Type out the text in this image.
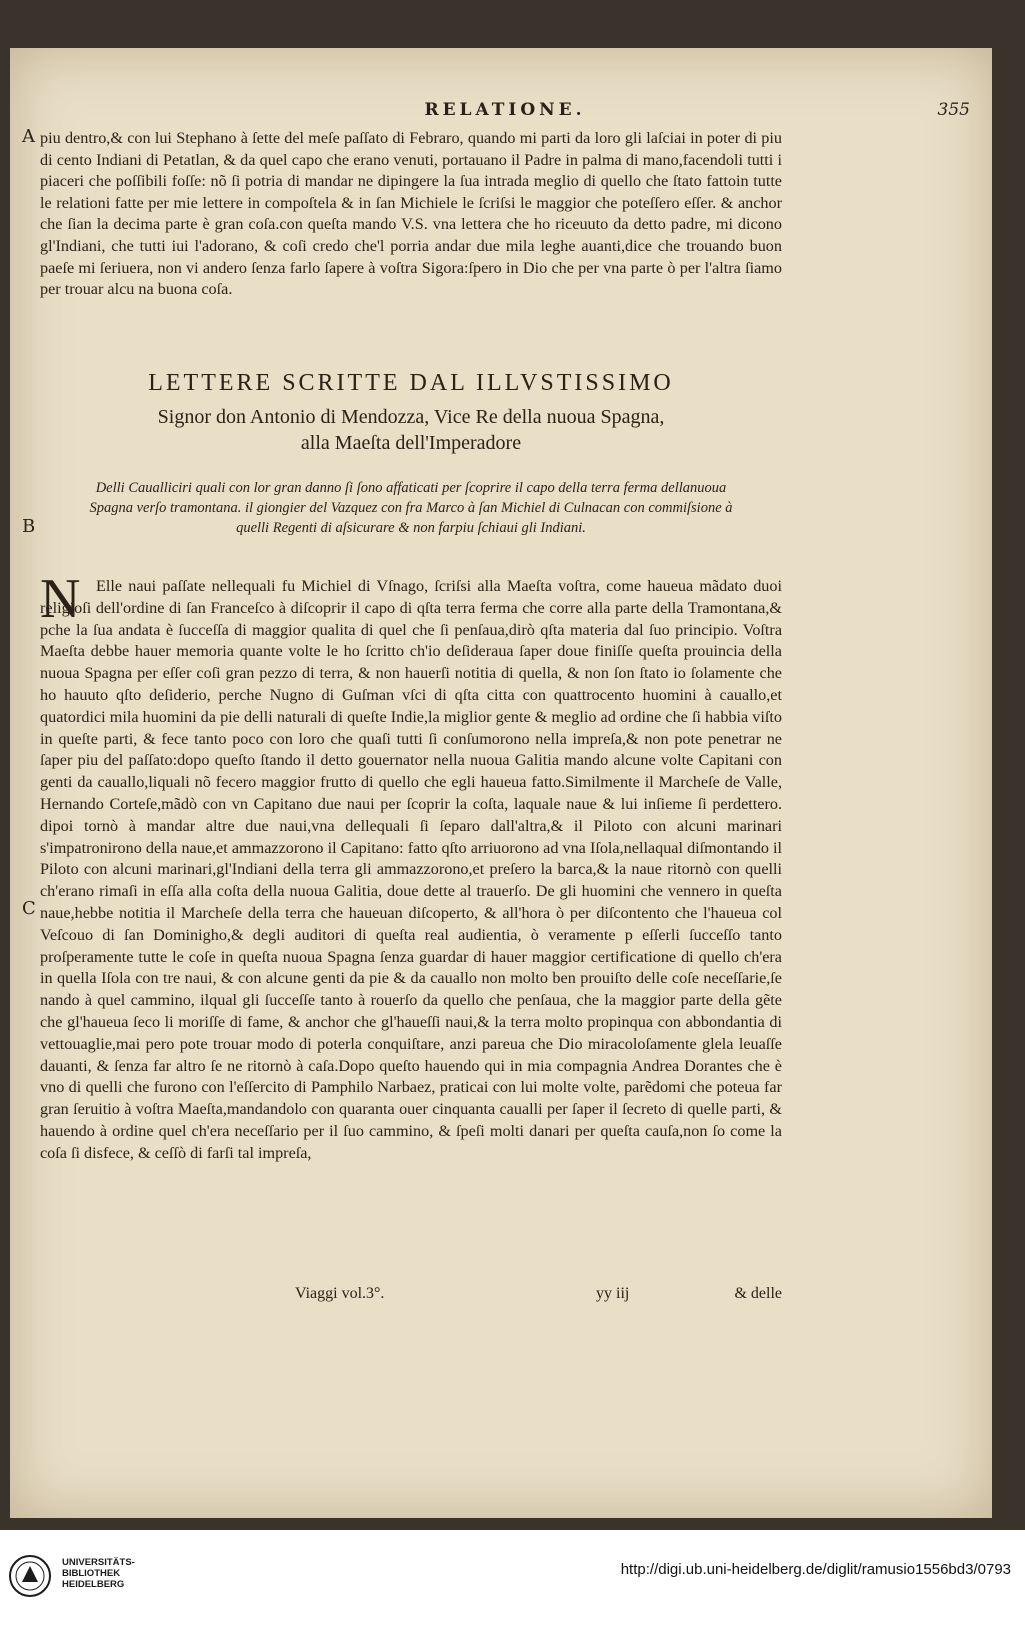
RELATIONE.	355
A
B
C

piu dentro,& con lui Stephano à ſette del meſe paſſato di Febraro, quando mi parti da loro gli laſciai in poter di piu di cento Indiani di Petatlan, & da quel capo che erano venuti, portauano il Padre in palma di mano,facendoli tutti i piaceri che poſſibili foſſe: nõ ſi potria di mandar ne dipingere la ſua intrada meglio di quello che ſtato fattoin tutte le relationi fatte per mie lettere in compoſtela & in ſan Michiele le ſcriſsi le maggior che poteſſero eſſer. & anchor che ſian la decima parte è gran coſa.con queſta mando V.S. vna lettera che ho riceuuto da detto padre, mi dicono gl'Indiani, che tutti iui l'adorano, & coſi credo che'l porria andar due mila leghe auanti,dice che trouando buon paeſe mi ſeriuera, non vi andero ſenza farlo ſapere à voſtra Sigora:ſpero in Dio che per vna parte ò per l'altra ſiamo per trouar alcu na buona coſa.

LETTERE SCRITTE DAL ILLVSTISSIMO

Signor don Antonio di Mendozza, Vice Re della nuoua Spagna,
alla Maeſta dell'Imperadore

Delli Caualliciri quali con lor gran danno ſi ſono affaticati per ſcoprire il capo della terra ferma dellanuoua Spagna verſo tramontana. il giongier del Vazquez con fra Marco à ſan Michiel di Culnacan con commiſsione à quelli Regenti di aſsicurare & non farpiu ſchiaui gli Indiani.

N Elle naui paſſate nellequali fu Michiel di Vſnago, ſcriſsi alla Maeſta voſtra, come haueua mãdato duoi religioſi dell'ordine di ſan Franceſco à diſcoprir il capo di qſta terra ferma che corre alla parte della Tramontana,& pche la ſua andata è ſucceſſa di maggior qualita di quel che ſi penſaua,dirò qſta materia dal ſuo principio. Voſtra Maeſta debbe hauer memoria quante volte le ho ſcritto ch'io deſideraua ſaper doue finiſſe queſta prouincia della nuoua Spagna per eſſer coſi gran pezzo di terra, & non hauerſi notitia di quella, & non ſon ſtato io ſolamente che ho hauuto qſto deſiderio, perche Nugno di Guſman vſci di qſta citta con quattrocento huomini à cauallo,et quatordici mila huomini da pie delli naturali di queſte Indie,la miglior gente & meglio ad ordine che ſi habbia viſto in queſte parti, & fece tanto poco con loro che quaſi tutti ſi conſumorono nella impreſa,& non pote penetrar ne ſaper piu del paſſato:dopo queſto ſtando il detto gouernator nella nuoua Galitia mando alcune volte Capitani con genti da cauallo,liquali nõ fecero maggior frutto di quello che egli haueua fatto.Similmente il Marcheſe de Valle, Hernando Corteſe,mãdò con vn Capitano due naui per ſcoprir la coſta, laquale naue & lui inſieme ſi perdettero. dipoi tornò à mandar altre due naui,vna dellequali ſi ſeparo dall'altra,& il Piloto con alcuni marinari s'impatronirono della naue,et ammazzorono il Capitano: fatto qſto arriuorono ad vna Iſola,nellaqual diſmontando il Piloto con alcuni marinari,gl'Indiani della terra gli ammazzorono,et preſero la barca,& la naue ritornò con quelli ch'erano rimaſi in eſſa alla coſta della nuoua Galitia, doue dette al trauerſo. De gli huomini che vennero in queſta naue,hebbe notitia il Marcheſe della terra che haueuan diſcoperto, & all'hora ò per diſcontento che l'haueua col Veſcouo di ſan Dominigho,& degli auditori di queſta real audientia, ò veramente p eſſerli ſucceſſo tanto proſperamente tutte le coſe in queſta nuoua Spagna ſenza guardar di hauer maggior certificatione di quello ch'era in quella Iſola con tre naui, & con alcune genti da pie & da cauallo non molto ben prouiſto delle coſe neceſſarie,ſe nando à quel cammino, ilqual gli ſucceſſe tanto à rouerſo da quello che penſaua, che la maggior parte della gẽte che gl'haueua ſeco li moriſſe di fame, & anchor che gl'haueſſi naui,& la terra molto propinqua con abbondantia di vettouaglie,mai pero pote trouar modo di poterla conquiſtare, anzi pareua che Dio miracoloſamente glela leuaſſe dauanti, & ſenza far altro ſe ne ritornò à caſa.Dopo queſto hauendo qui in mia compagnia Andrea Dorantes che è vno di quelli che furono con l'eſſercito di Pamphilo Narbaez, praticai con lui molte volte, parẽdomi che poteua far gran ſeruitio à voſtra Maeſta,mandandolo con quaranta ouer cinquanta caualli per ſaper il ſecreto di quelle parti, & hauendo à ordine quel ch'era neceſſario per il ſuo cammino, & ſpeſi molti danari per queſta cauſa,non ſo come la coſa ſi disfece, & ceſſò di farſi tal impreſa,

Viaggi vol.3°.	yy iij	& delle

UNIVERSITÄTS-
BIBLIOTHEK
HEIDELBERG

http://digi.ub.uni-heidelberg.de/diglit/ramusio1556bd3/0793
